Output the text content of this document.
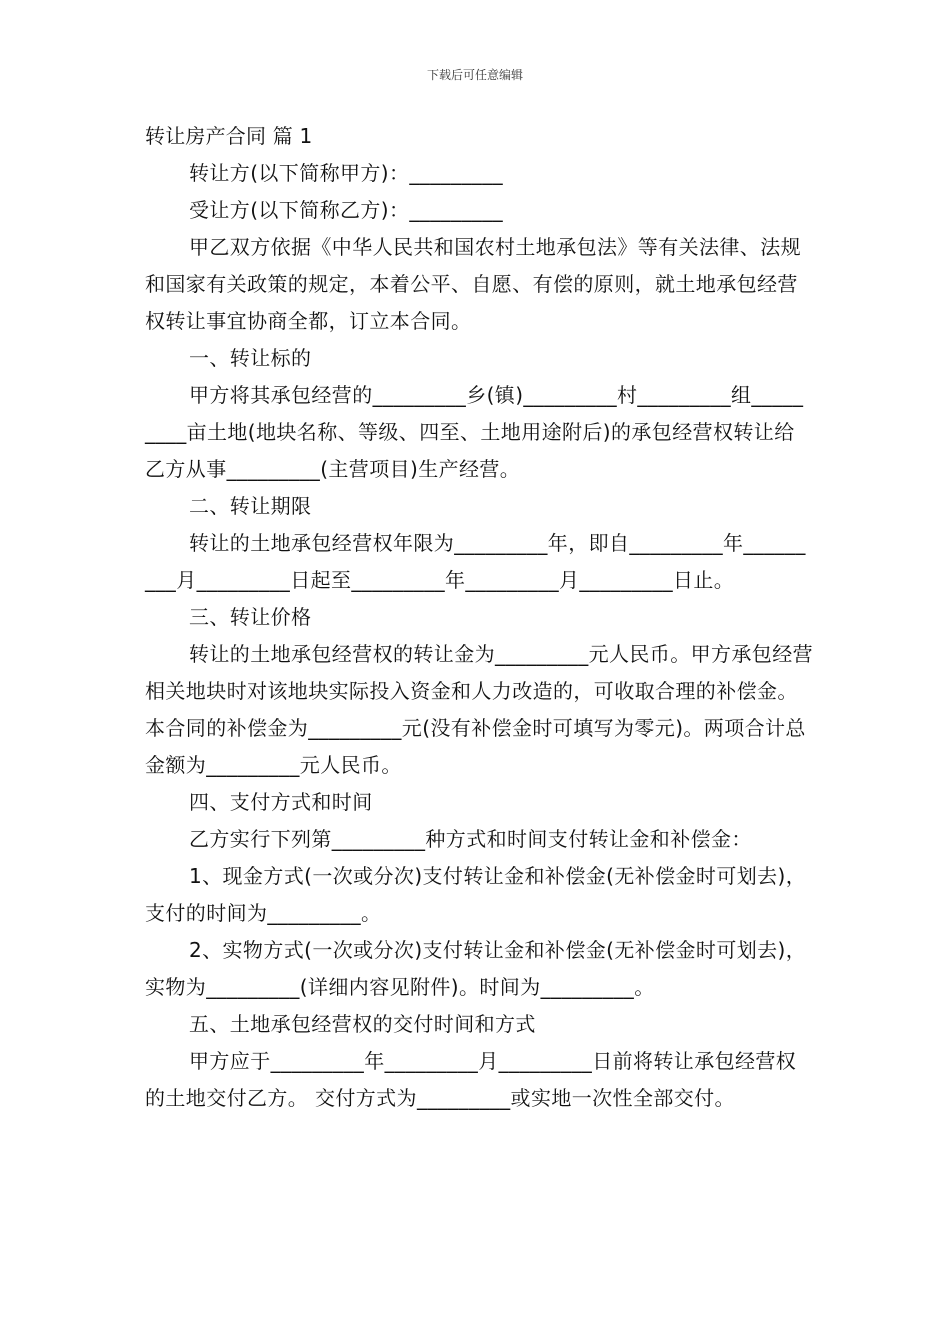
下载后可任意编辑

转让房产合同 篇 1

转让方(以下简称甲方)：_________

受让方(以下简称乙方)：_________

甲乙双方依据《中华人民共和国农村土地承包法》等有关法律、法规和国家有关政策的规定，本着公平、自愿、有偿的原则，就土地承包经营权转让事宜协商全都，订立本合同。

一、转让标的

甲方将其承包经营的_________乡(镇)_________村_________组_________亩土地(地块名称、等级、四至、土地用途附后)的承包经营权转让给乙方从事_________(主营项目)生产经营。

二、转让期限

转让的土地承包经营权年限为_________年，即自_________年_________月_________日起至_________年_________月_________日止。

三、转让价格

转让的土地承包经营权的转让金为_________元人民币。甲方承包经营相关地块时对该地块实际投入资金和人力改造的，可收取合理的补偿金。本合同的补偿金为_________元(没有补偿金时可填写为零元)。两项合计总金额为_________元人民币。

四、支付方式和时间

乙方实行下列第_________种方式和时间支付转让金和补偿金：

1、现金方式(一次或分次)支付转让金和补偿金(无补偿金时可划去)，支付的时间为_________。

2、实物方式(一次或分次)支付转让金和补偿金(无补偿金时可划去)，实物为_________(详细内容见附件)。时间为_________。

五、土地承包经营权的交付时间和方式

甲方应于_________年_________月_________日前将转让承包经营权的土地交付乙方。 交付方式为_________或实地一次性全部交付。
